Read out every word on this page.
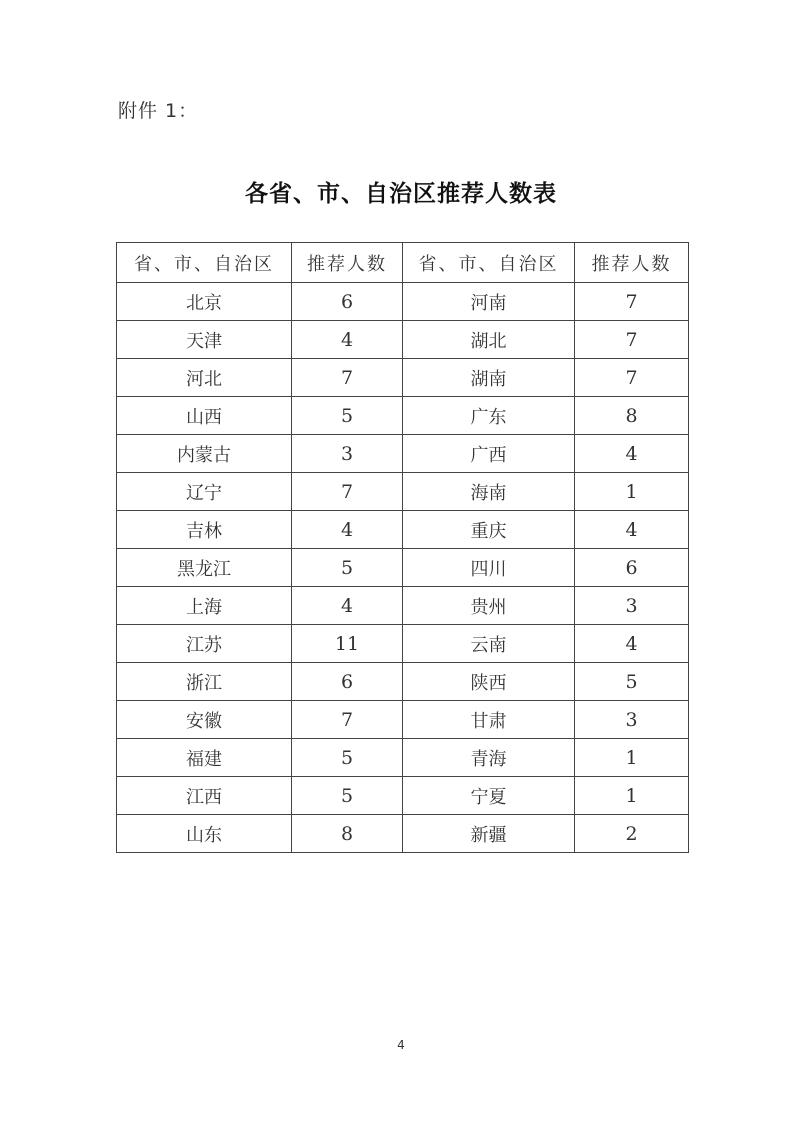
附件 1：
各省、市、自治区推荐人数表
省、市、自治区	推荐人数	省、市、自治区	推荐人数
北京	6	河南	7
天津	4	湖北	7
河北	7	湖南	7
山西	5	广东	8
内蒙古	3	广西	4
辽宁	7	海南	1
吉林	4	重庆	4
黑龙江	5	四川	6
上海	4	贵州	3
江苏	11	云南	4
浙江	6	陕西	5
安徽	7	甘肃	3
福建	5	青海	1
江西	5	宁夏	1
山东	8	新疆	2
4
